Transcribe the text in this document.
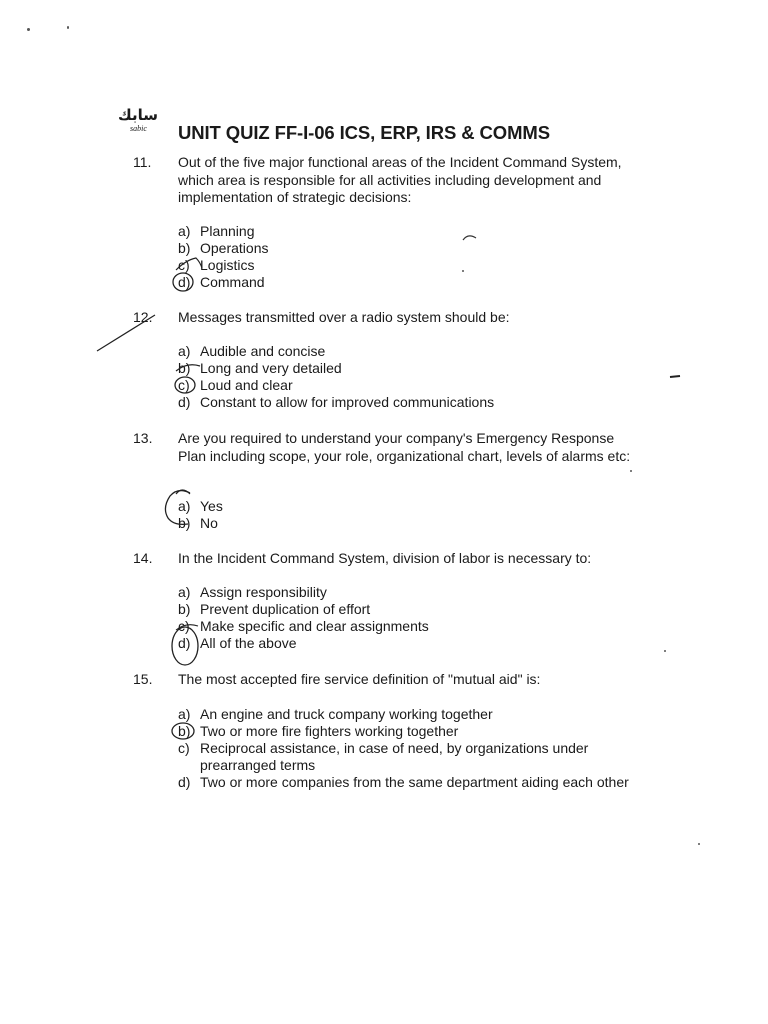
سابك
sabic UNIT QUIZ FF-I-06 ICS, ERP, IRS & COMMS
11. Out of the five major functional areas of the Incident Command System, which area is responsible for all activities including development and implementation of strategic decisions:
a) Planning
b) Operations
c) Logistics
d) Command
12. Messages transmitted over a radio system should be:
a) Audible and concise
b) Long and very detailed
c) Loud and clear
d) Constant to allow for improved communications
13. Are you required to understand your company's Emergency Response Plan including scope, your role, organizational chart, levels of alarms etc:
a) Yes
b) No
14. In the Incident Command System, division of labor is necessary to:
a) Assign responsibility
b) Prevent duplication of effort
c) Make specific and clear assignments
d) All of the above
15. The most accepted fire service definition of "mutual aid" is:
a) An engine and truck company working together
b) Two or more fire fighters working together
c) Reciprocal assistance, in case of need, by organizations under prearranged terms
d) Two or more companies from the same department aiding each other
